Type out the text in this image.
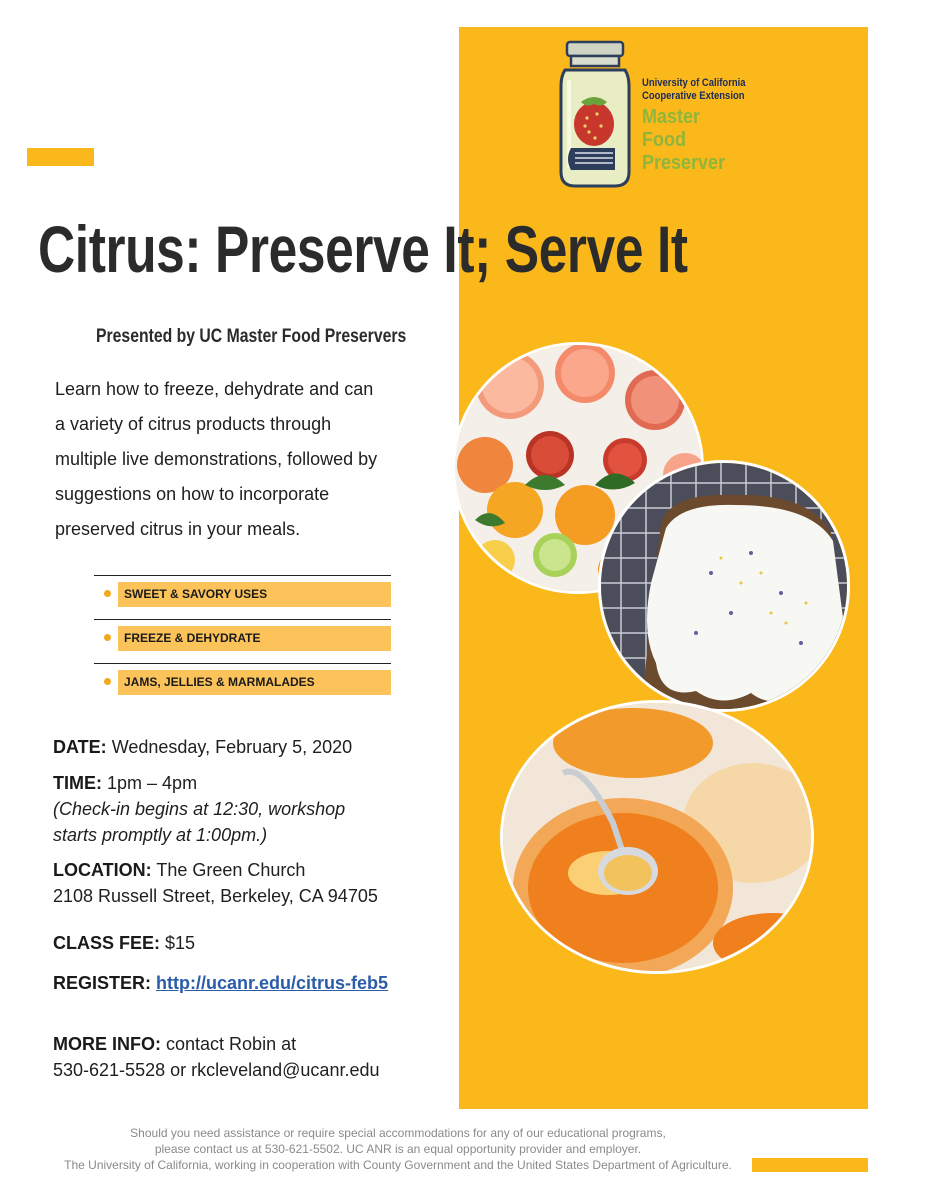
University of California
Cooperative Extension
Master
Food
Preserver
Citrus: Preserve It; Serve It
Presented by UC Master Food Preservers

Learn how to freeze, dehydrate and can
a variety of citrus products through
multiple live demonstrations, followed by
suggestions on how to incorporate
preserved citrus in your meals.

SWEET & SAVORY USES
FREEZE & DEHYDRATE
JAMS, JELLIES & MARMALADES

DATE: Wednesday, February 5, 2020

TIME: 1pm – 4pm
(Check-in begins at 12:30, workshop
starts promptly at 1:00pm.)

LOCATION: The Green Church
2108 Russell Street, Berkeley, CA 94705

CLASS FEE: $15

REGISTER: http://ucanr.edu/citrus-feb5

MORE INFO: contact Robin at
530-621-5528 or rkcleveland@ucanr.edu

Should you need assistance or require special accommodations for any of our educational programs,
please contact us at 530-621-5502. UC ANR is an equal opportunity provider and employer.
The University of California, working in cooperation with County Government and the United States Department of Agriculture.
